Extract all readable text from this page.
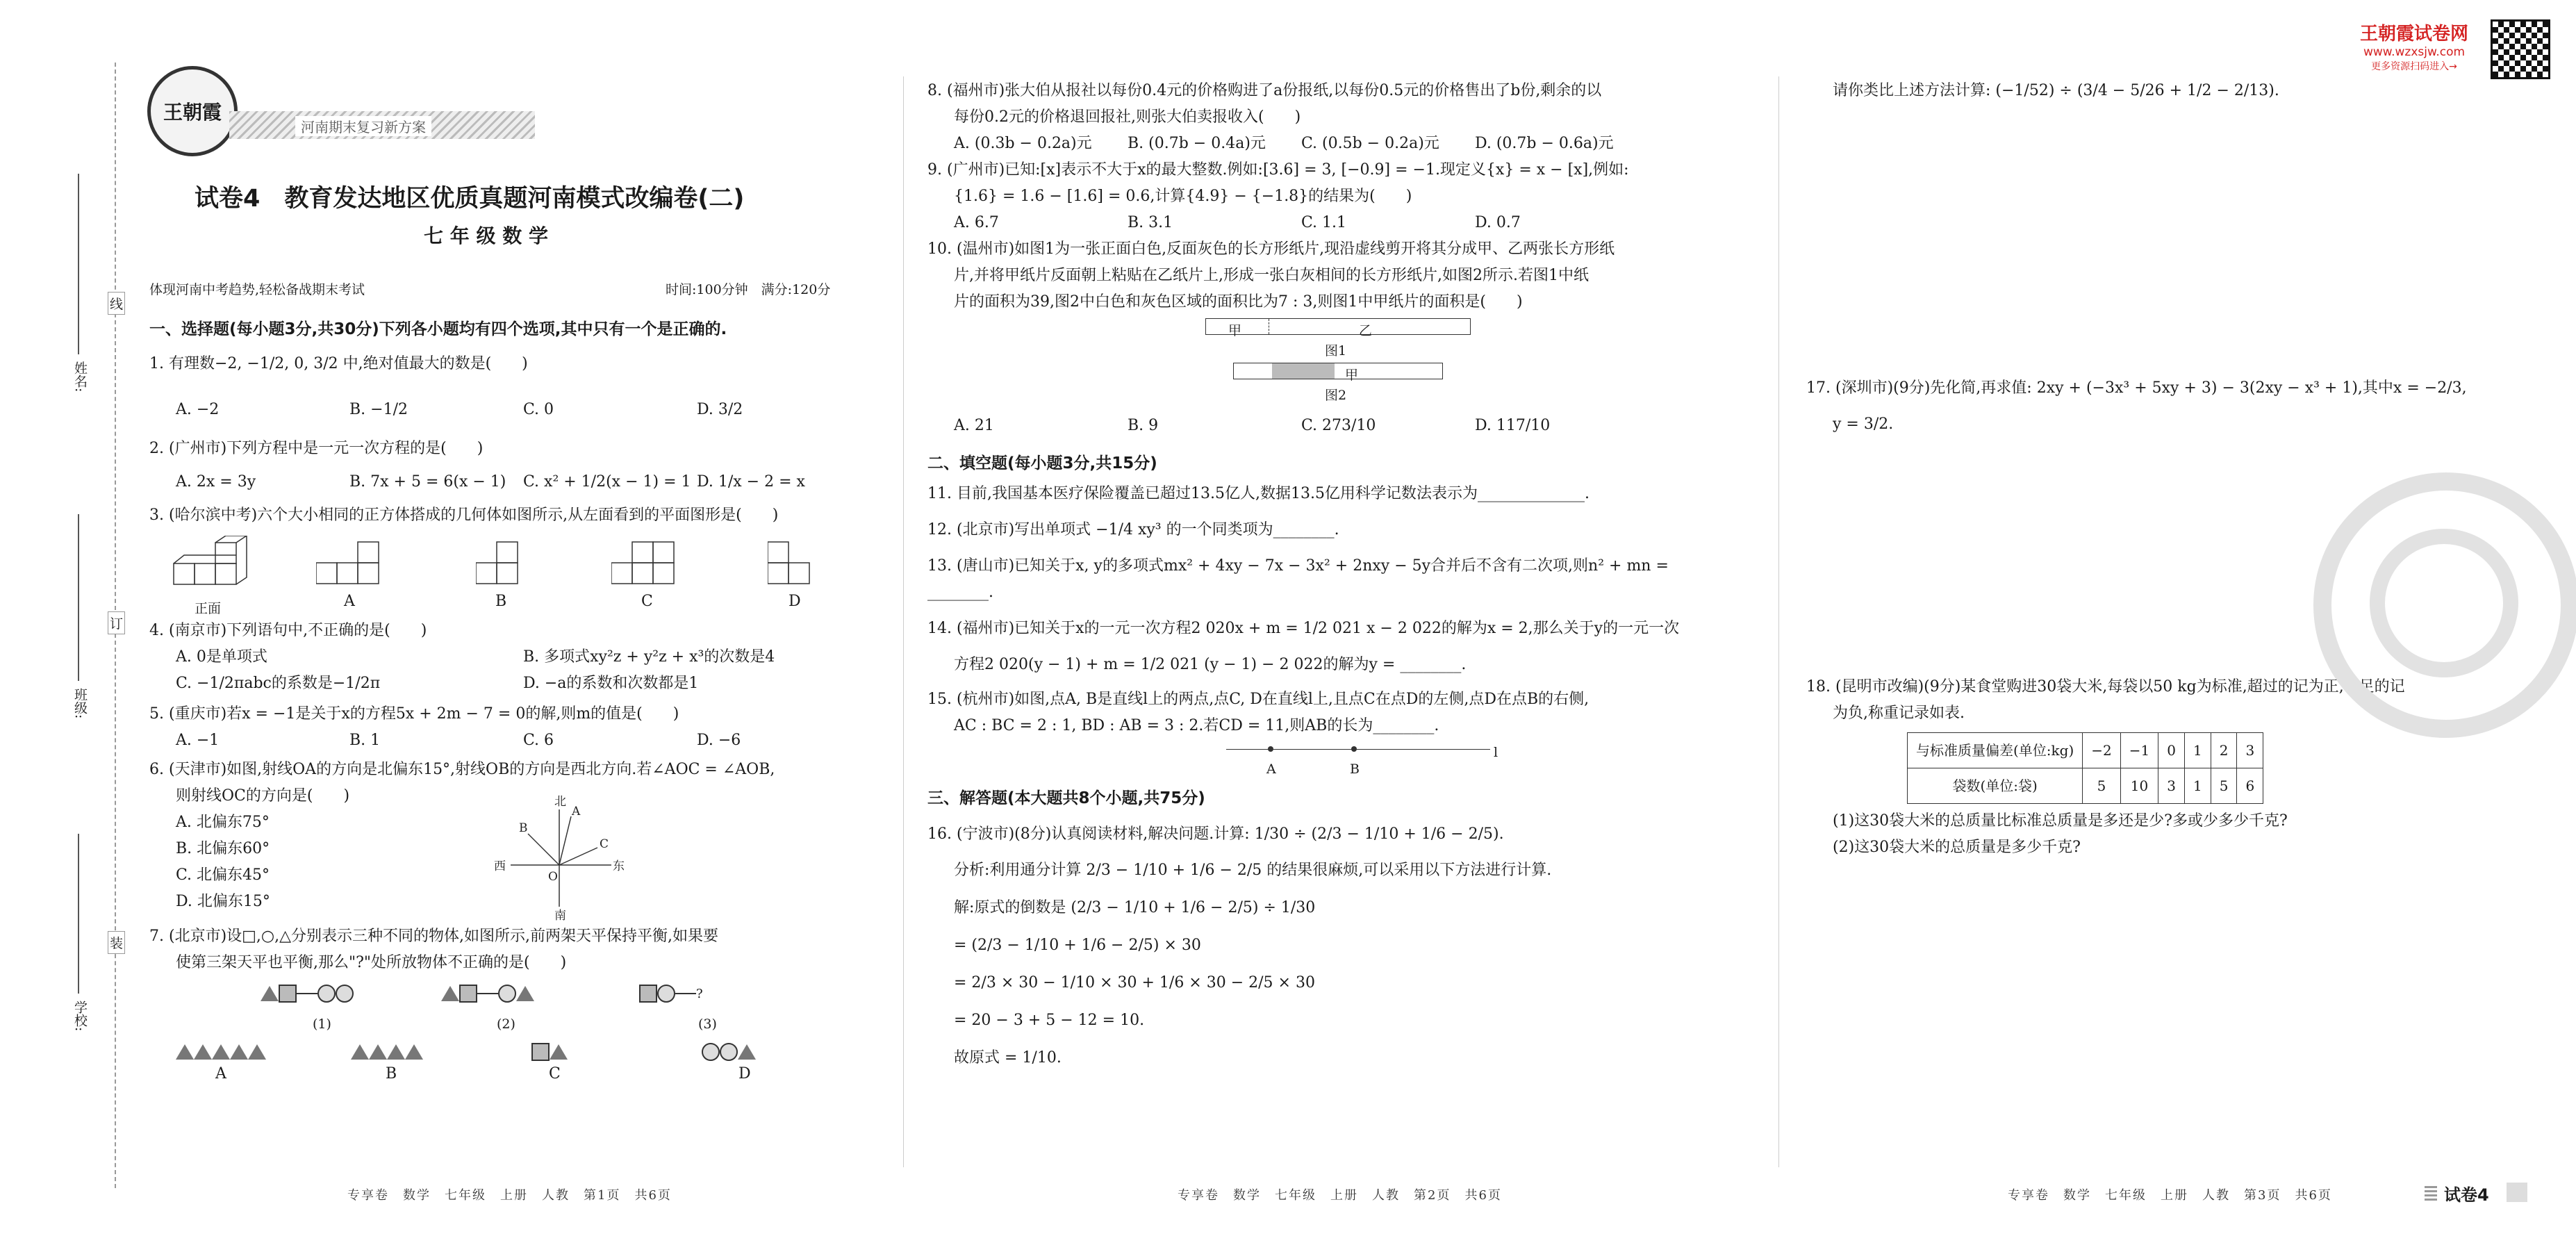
姓名:
班级:
学校:
线
订
装
王朝霞
河南期末复习新方案
试卷4　教育发达地区优质真题河南模式改编卷(二)
七 年 级 数 学
体现河南中考趋势,轻松备战期末考试	时间:100分钟　满分:120分
一、选择题(每小题3分,共30分)下列各小题均有四个选项,其中只有一个是正确的.
1. 有理数−2, −1/2, 0, 3/2 中,绝对值最大的数是(　　)
A. −2	B. −1/2	C. 0	D. 3/2
2. (广州市)下列方程中是一元一次方程的是(　　)
A. 2x = 3y	B. 7x + 5 = 6(x − 1) C. x² + 1/2(x − 1) = 1 D. 1/x − 2 = x
3. (哈尔滨中考)六个大小相同的正方体搭成的几何体如图所示,从左面看到的平面图形是(　　)
正面	A	B	C	D
4. (南京市)下列语句中,不正确的是(　　)
A. 0是单项式	B. 多项式xy²z + y²z + x³的次数是4
C. −1/2πabc的系数是−1/2π	D. −a的系数和次数都是1
5. (重庆市)若x = −1是关于x的方程5x + 2m − 7 = 0的解,则m的值是(　　)
A. −1	B. 1	C. 6	D. −6
6. (天津市)如图,射线OA的方向是北偏东15°,射线OB的方向是西北方向.若∠AOC = ∠AOB,
则射线OC的方向是(　　)
A. 北偏东75°
B. 北偏东60°
C. 北偏东45°
D. 北偏东15°
北
南
西	东
A
B
C
O
7. (北京市)设□,○,△分别表示三种不同的物体,如图所示,前两架天平保持平衡,如果要
使第三架天平也平衡,那么"?"处所放物体不正确的是(　　)
?
(1)	(2)	(3)
A	B	C	D
8. (福州市)张大伯从报社以每份0.4元的价格购进了a份报纸,以每份0.5元的价格售出了b份,剩余的以
每份0.2元的价格退回报社,则张大伯卖报收入(　　)
A. (0.3b − 0.2a)元 B. (0.7b − 0.4a)元 C. (0.5b − 0.2a)元 D. (0.7b − 0.6a)元
9. (广州市)已知:[x]表示不大于x的最大整数.例如:[3.6] = 3, [−0.9] = −1.现定义{x} = x − [x],例如:
{1.6} = 1.6 − [1.6] = 0.6,计算{4.9} − {−1.8}的结果为(　　)
A. 6.7	B. 3.1	C. 1.1	D. 0.7
10. (温州市)如图1为一张正面白色,反面灰色的长方形纸片,现沿虚线剪开将其分成甲、乙两张长方形纸
片,并将甲纸片反面朝上粘贴在乙纸片上,形成一张白灰相间的长方形纸片,如图2所示.若图1中纸
片的面积为39,图2中白色和灰色区域的面积比为7 : 3,则图1中甲纸片的面积是(　　)
甲	乙
图1
甲
图2
A. 21	B. 9	C. 273/10	D. 117/10
二、填空题(每小题3分,共15分)
11. 目前,我国基本医疗保险覆盖已超过13.5亿人,数据13.5亿用科学记数法表示为______________.
12. (北京市)写出单项式 −1/4 xy³ 的一个同类项为________.
13. (唐山市)已知关于x, y的多项式mx² + 4xy − 7x − 3x² + 2nxy − 5y合并后不含有二次项,则n² + mn = ________.
14. (福州市)已知关于x的一元一次方程2 020x + m = 1/2 021 x − 2 022的解为x = 2,那么关于y的一元一次
方程2 020(y − 1) + m = 1/2 021 (y − 1) − 2 022的解为y = ________.
15. (杭州市)如图,点A, B是直线l上的两点,点C, D在直线l上,且点C在点D的左侧,点D在点B的右侧,
AC : BC = 2 : 1, BD : AB = 3 : 2.若CD = 11,则AB的长为________.
A	B
l
三、解答题(本大题共8个小题,共75分)
16. (宁波市)(8分)认真阅读材料,解决问题.计算: 1/30 ÷ (2/3 − 1/10 + 1/6 − 2/5).
分析:利用通分计算 2/3 − 1/10 + 1/6 − 2/5 的结果很麻烦,可以采用以下方法进行计算.
解:原式的倒数是 (2/3 − 1/10 + 1/6 − 2/5) ÷ 1/30
= (2/3 − 1/10 + 1/6 − 2/5) × 30
= 2/3 × 30 − 1/10 × 30 + 1/6 × 30 − 2/5 × 30
= 20 − 3 + 5 − 12 = 10.
故原式 = 1/10.
王朝霞试卷网
www.wzxsjw.com
更多资源扫码进入→
请你类比上述方法计算: (−1/52) ÷ (3/4 − 5/26 + 1/2 − 2/13).
17. (深圳市)(9分)先化简,再求值: 2xy + (−3x³ + 5xy + 3) − 3(2xy − x³ + 1),其中x = −2/3,
y = 3/2.
18. (昆明市改编)(9分)某食堂购进30袋大米,每袋以50 kg为标准,超过的记为正,不足的记
为负,称重记录如表.
与标准质量偏差(单位:kg)	−2	−1	0	1	2	3
袋数(单位:袋)	5	10	3	1	5	6
(1)这30袋大米的总质量比标准总质量是多还是少?多或少多少千克?
(2)这30袋大米的总质量是多少千克?
专享卷　数学　七年级　上册　人教　第1页　共6页	专享卷　数学　七年级　上册　人教　第2页　共6页	专享卷　数学　七年级　上册　人教　第3页　共6页	试卷4
